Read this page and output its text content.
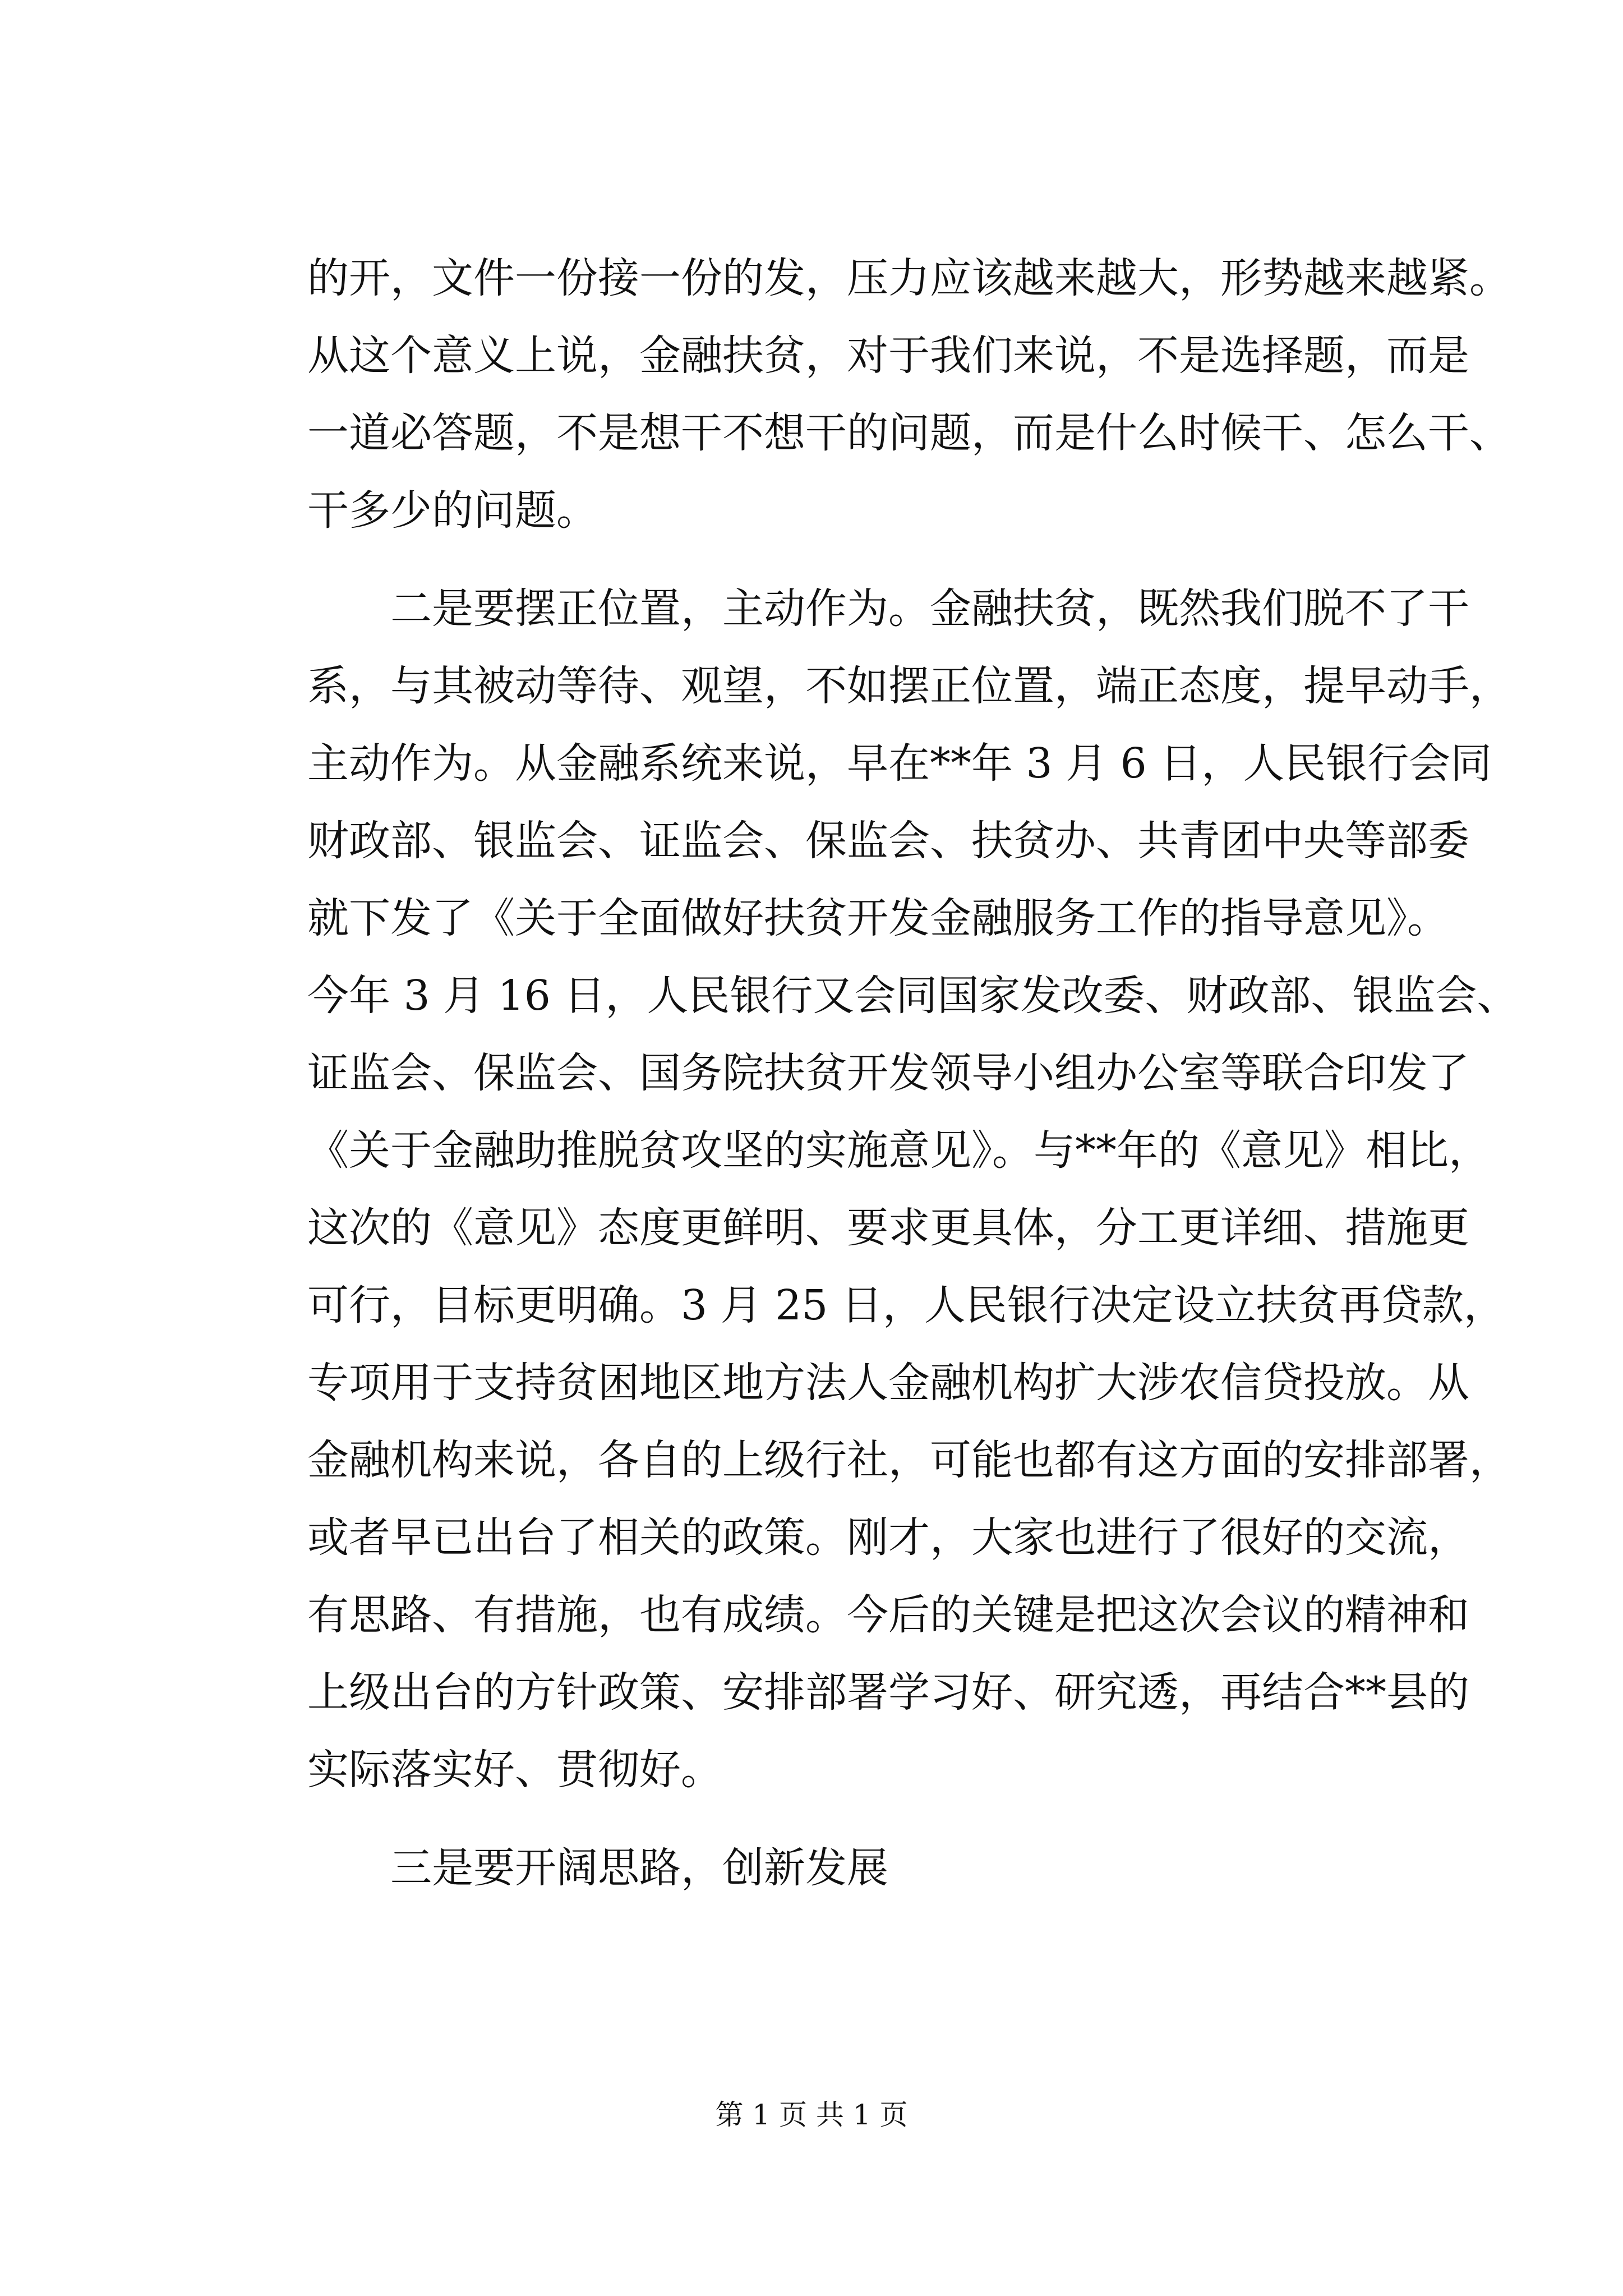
的开，文件一份接一份的发，压力应该越来越大，形势越来越紧。
从这个意义上说，金融扶贫，对于我们来说，不是选择题，而是
一道必答题，不是想干不想干的问题，而是什么时候干、怎么干、
干多少的问题。
二是要摆正位置，主动作为。金融扶贫，既然我们脱不了干
系，与其被动等待、观望，不如摆正位置，端正态度，提早动手，
主动作为。从金融系统来说，早在**年 3 月 6 日，人民银行会同
财政部、银监会、证监会、保监会、扶贫办、共青团中央等部委
就下发了《关于全面做好扶贫开发金融服务工作的指导意见》。
今年 3 月 16 日，人民银行又会同国家发改委、财政部、银监会、
证监会、保监会、国务院扶贫开发领导小组办公室等联合印发了
《关于金融助推脱贫攻坚的实施意见》。与**年的《意见》相比，
这次的《意见》态度更鲜明、要求更具体，分工更详细、措施更
可行，目标更明确。3 月 25 日，人民银行决定设立扶贫再贷款，
专项用于支持贫困地区地方法人金融机构扩大涉农信贷投放。从
金融机构来说，各自的上级行社，可能也都有这方面的安排部署，
或者早已出台了相关的政策。刚才，大家也进行了很好的交流，
有思路、有措施，也有成绩。今后的关键是把这次会议的精神和
上级出台的方针政策、安排部署学习好、研究透，再结合**县的
实际落实好、贯彻好。
三是要开阔思路，创新发展
第 1 页 共 1 页
